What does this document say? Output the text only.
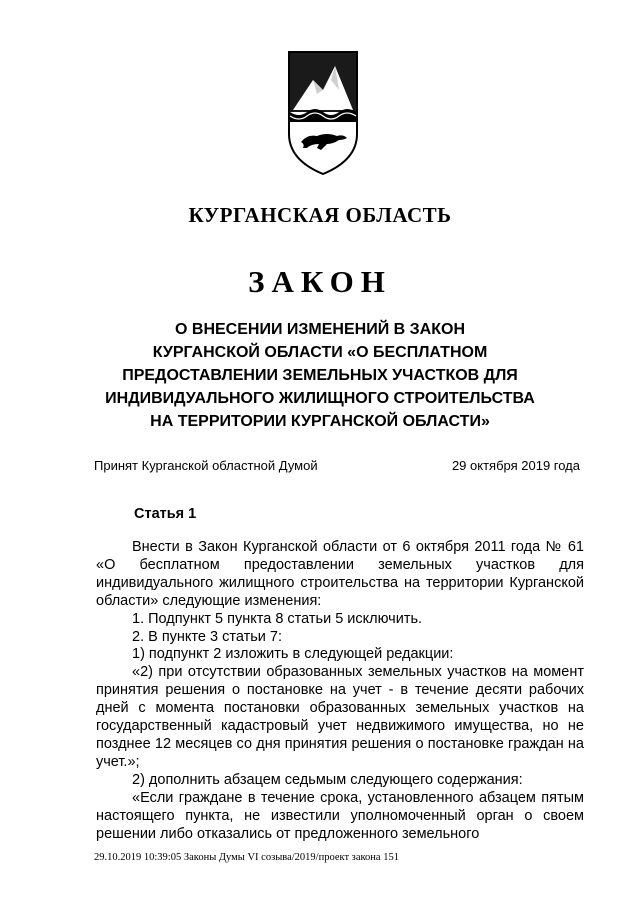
КУРГАНСКАЯ ОБЛАСТЬ
ЗАКОН
О ВНЕСЕНИИ ИЗМЕНЕНИЙ В ЗАКОН
КУРГАНСКОЙ ОБЛАСТИ «О БЕСПЛАТНОМ
ПРЕДОСТАВЛЕНИИ ЗЕМЕЛЬНЫХ УЧАСТКОВ ДЛЯ
ИНДИВИДУАЛЬНОГО ЖИЛИЩНОГО СТРОИТЕЛЬСТВА
НА ТЕРРИТОРИИ КУРГАНСКОЙ ОБЛАСТИ»
Принят Курганской областной Думой	29 октября 2019 года
Статья 1

Внести в Закон Курганской области от 6 октября 2011 года № 61 «О бесплатном предоставлении земельных участков для индивидуального жилищного строительства на территории Курганской области» следующие изменения:

1. Подпункт 5 пункта 8 статьи 5 исключить.

2. В пункте 3 статьи 7:

1) подпункт 2 изложить в следующей редакции:

«2) при отсутствии образованных земельных участков на момент принятия решения о постановке на учет - в течение десяти рабочих дней с момента постановки образованных земельных участков на государственный кадастровый учет недвижимого имущества, но не позднее 12 месяцев со дня принятия решения о постановке граждан на учет.»;

2) дополнить абзацем седьмым следующего содержания:

«Если граждане в течение срока, установленного абзацем пятым настоящего пункта, не известили уполномоченный орган о своем решении либо отказались от предложенного земельного

29.10.2019 10:39:05 Законы Думы VI созыва/2019/проект закона 151
